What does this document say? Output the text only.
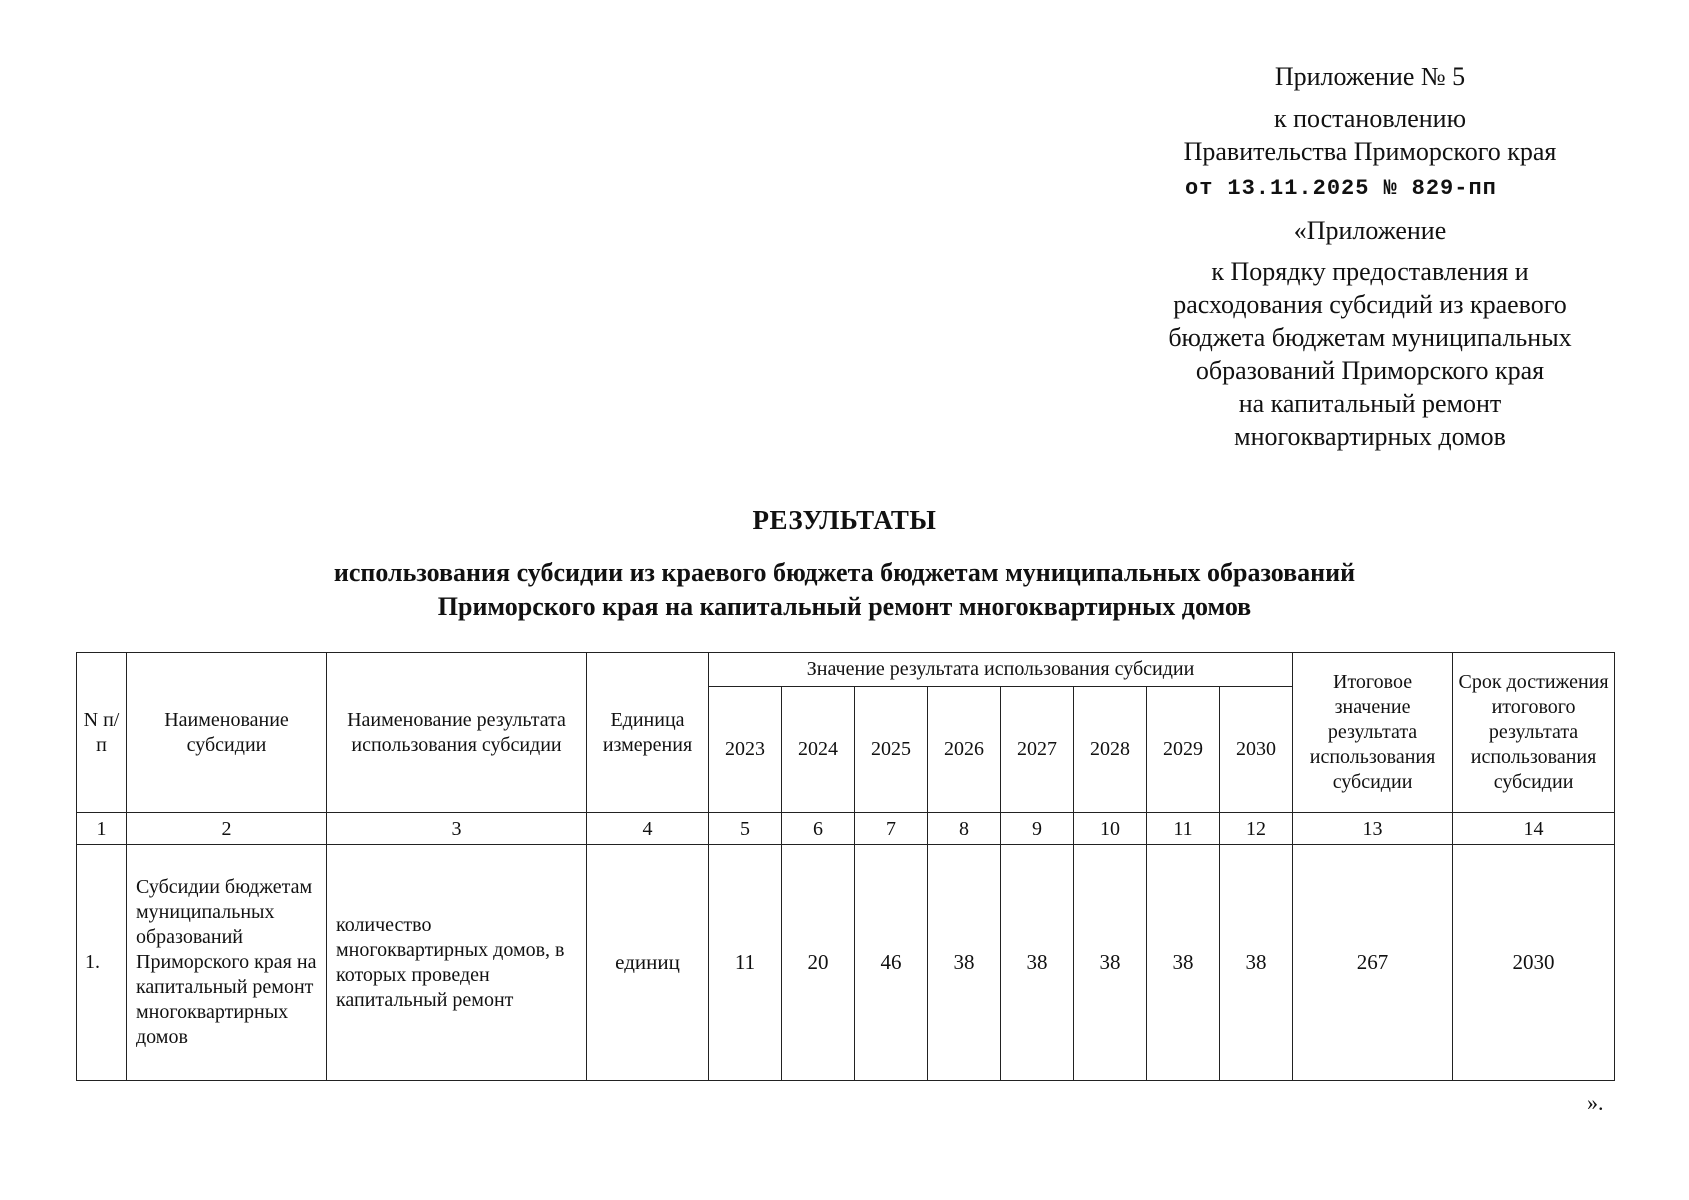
Приложение № 5
к постановлению
Правительства Приморского края
от 13.11.2025 № 829-пп
«Приложение
к Порядку предоставления и
расходования субсидий из краевого
бюджета бюджетам муниципальных
образований Приморского края
на капитальный ремонт
многоквартирных домов
РЕЗУЛЬТАТЫ
использования субсидии из краевого бюджета бюджетам муниципальных образований
Приморского края на капитальный ремонт многоквартирных домов
N п/п	Наименование субсидии	Наименование результата использования субсидии	Единица измерения	Значение результата использования субсидии								Итоговое значение результата использования субсидии	Срок достижения итогового результата использования субсидии
				2023	2024	2025	2026	2027	2028	2029	2030		
1	2	3	4	5	6	7	8	9	10	11	12	13	14
1.	Субсидии бюджетам муниципальных образований Приморского края на капитальный ремонт многоквартирных домов	количество многоквартирных домов, в которых проведен капитальный ремонт	единиц	11	20	46	38	38	38	38	38	267	2030
».
